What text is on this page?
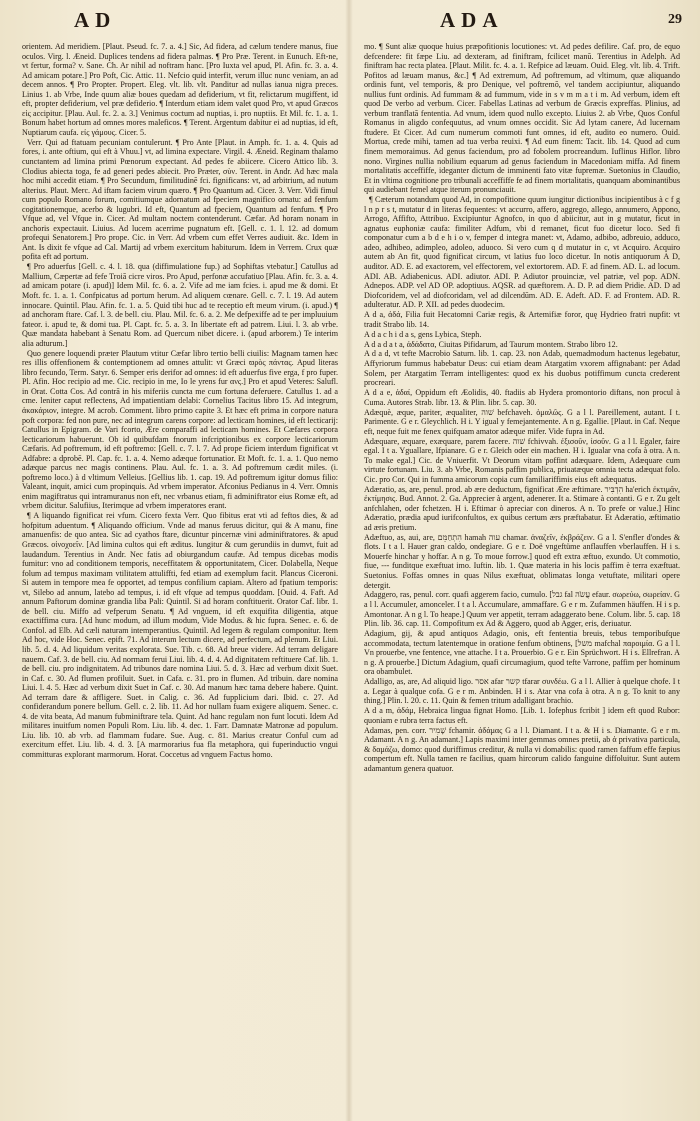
AD	ADA	29

orientem. Ad meridiem. [Plaut. Pseud. fc. 7. a. 4.] Sic, Ad fidera, ad cælum tendere manus, fiue oculos. Virg. l. Æneid. Duplices tendens ad fidera palmas. ¶ Pro Præ. Terent. in Eunuch. Eft-ne, vt fertur, forma? v. Sane. Ch. Ar nihil ad noftram hanc. [Pro Iuxta vel apud, Pl. Afin. fc. 3. a. 4. Ad amicam potare.] Pro Poft, Cic. Attic. 11. Nefcio quid interfit, verum illuc nunc veniam, an ad decem annos. ¶ Pro Propter. Propert. Eleg. vlt. lib. vlt. Panditur ad nullas ianua nigra preces. Linius 1. ab Vrbe, Inde quum aliæ boues quedam ad defiderium, vt fit, relictarum mugiffent, id eft, propter defiderium, vel præ defiderio. ¶ Interdum etiam idem valet quod Pro, vt apud Græcos εἰς accipitur. [Plau. Aul. fc. 2. a. 3.] Venimus coctum ad nuptias, i. pro nuptiis. Et Mil. fc. 1. a. 1. Bonum habet hortum ad omnes mores maleficos. ¶ Terent. Argentum dabitur ei ad nuptias, id eft, Nuptiarum caufa. εἰς γάμους. Cicer. 5.

Verr. Qui ad ftatuam pecuniam contulerunt. ¶ Pro Ante [Plaut. in Amph. fc. 1. a. 4. Quis ad fores, i. ante oftium, qui eft à Vhuu.] vt, ad limina expectare. Virgil. 4. Æneid. Reginam thalamo cunctantem ad limina primi Pœnorum expectant. Ad pedes fe abiicere. Cicero Attico lib. 3. Clodius abiecta toga, fe ad generi pedes abiecit. Pro Præter, σὺν. Terent. in Andr. Ad hæc mala hoc mihi accedit etiam. ¶ Pro Secundum, fimilitudinē fci. fignificans: vt, ad arbitrium, ad nutum alterius. Plaut. Merc. Ad iftam faciem virum quæro. ¶ Pro Quantum ad. Cicer. 3. Verr. Vidi fimul cum populo Romano forum, comitiumque adornatum ad fpeciem magnifico ornatu: ad fenfum cogitationemque, acerbo & lugubri. Id eft, Quantum ad fpeciem, Quantum ad fenfum. ¶ Pro Vfque ad, vel Vfque in. Cicer. Ad multam noctem contenderunt. Cæfar. Ad horam nonam in anchoris expectauit. Liuius. Ad lucem acerrime pugnatum eft. [Gell. c. 1. l. 12. ad domum profequi Senatorem.] Pro prope. Cic. in Verr. Ad vrbem cum effet Verres audiuit. &c. Idem in Ant. Is dixit fe vfque ad Cal. Martij ad vrbem exercitum habiturum. Idem in Verrem. Crux quæ pofita eft ad portum.

¶ Pro aduerfus [Gell. c. 4. l. 18. qua (diffimulatione fup.) ad Sophiftas vtebatur.] Catullus ad Mallium, Cæpertæ ad fefe Troiā cicre viros. Pro Apud, perfonæ accufatiuo [Plau. Afin. fc. 3. a. 4. ad amicam potare (i. apud)] Idem Mil. fc. 6. a. 2. Vife ad me iam fcies. i. apud me & domi. Et Moft. fc. 1. a. 1. Confpicatus ad portum herum. Ad aliquem cœnare. Gell. c. 7. l. 19. Ad autem innocare. Quintil. Plau. Afin. fc. 1. a. 5. Quid tibi huc ad te receptio eft meum virum. (i. apud.) ¶ ad anchoram ftare. Caf. l. 3. de bell. ciu. Plau. Mil. fc. 6. a. 2. Me defpexiffe ad te per impluuium fateor. i. apud te, & domi tua. Pl. Capt. fc. 5. a. 3. In libertate eft ad patrem. Liui. l. 3. ab vrbe. Quæ mandata habebant à Senatu Rom. ad Quercum nibet dicere. i. (apud arborem.) Te interim alia adturum.]

Quo genere loquendi præter Plautum vtitur Cæfar libro tertio belli ciuilis: Magnam tamen hæc res illis offenfionem & contemptionem ad omnes attulit: vt Græci ϖρὸς πάντας. Apud literas libro fecundo, Term. Satyr. 6. Semper eris derifor ad omnes: id eft aduerfus five erga, f pro fuper. Pl. Afin. Hoc recipio ad me. Cic. recipio in me, Io le yrens fur ανς.] Pro et apud Veteres: Salufl. in Orat. Cotta Cos. Ad contrā in his miferiis cuncta me cum fortuna deferuere. Catullus 1. ad a cme. leniter caput reflectens, Ad impatientiam delabi: Cornelius Tacitus libro 15. Ad integrum, ἀκακάριον, integre. M acrob. Comment. libro primo capite 3. Et hæc eft prima in corpore natura poft corpora: fed non pure, nec ad integrum carens corpore: ad lecticam homines, id eft lecticarij: Catullus in Epigram. de Vari fcorto, Ære comparaffi ad lecticam homines. Et Cæfares corpora lecticariorum habuerunt. Ob id quibufdam fnorum infcriptionibus ex corpore lecticariorum Cæfaris. Ad poftremum, id eft poftremo: [Gell. c. 7. l. 7. Ad prope ficiem interdum fignificat vt Adfabre: a dprobē. Pl. Cap. fc. 1. a. 4. Nemo adæque fortunatior. Et Moft. fc. 1. a. 1. Quo nemo adæque parcus nec magis continens. Plau. Aul. fc. 1. a. 3. Ad poftremum cædit miles. (i. poftremo loco.) à d vltimum Velleius. [Gellius lib. 1. cap. 19. Ad poftremum igitur domus filio: Valeant, inquit, amici cum propinquis. Ad vrbem imperator. Afconius Pedianus in 4. Verr. Omnis enim magiftratus qui intramuranus non eft, nec vrbanus etiam, fi adminiftrator eius Romæ eft, ad vrbem dicitur. Salufiius, Iterimque ad vrbem imperatores erant.

¶ A liquando fignificat rei vfum. Cicero fexta Verr. Quo fibitus erat vti ad feftos dies, & ad hofpitum aduentum. ¶ Aliquando officium. Vnde ad manus feruus dicitur, qui & A manu, fine amanuenfis: de quo antea. Sic ad cyathos ftare, dicuntur pincernæ vini adminiftratores. & apud Græcos. οἰνοχοεῖν. [Ad limina cultos qui eft æditus. Iungitur & cum gerundiis in dumvt, fuit ad laudandum. Terentius in Andr. Nec fatis ad obiurgandum caufæ. Ad tempus dicebas modis fumitur: vno ad conditionem temporis, neceffitatem & opportunitatem, Cicer. Dolabella, Neque folum ad tempus maximam vtilitatem attuliffti, fed etiam ad exemplum facit. Plancus Ciceroni. Si autem in tempore mea fe opportet, ad tempus confilium capiam. Altero ad fpatium temporis: vt, Silebo ad annum, latebo ad tempus, i. id eft vfque ad tempus quoddam. [Ouid. 4. Faft. Ad annum Paftorum dominæ grandia liba Pali: Quintil. Si ad horam conftituerit. Orator Caf. libr. 1. de bell. ciu. Miffo ad vefperum Senatu. ¶ Ad vnguem, id eft exquifita diligentia, atque exactiffima cura. [Ad hunc modum, ad illum modum, Vide Modus. & hic fupra. Senec. e. 6. de Confol. ad Elb. Ad cæli naturam intemperantius. Quintil. Ad legem & regulam componitur. Item Ad hoc, vide Hoc. Senec. epift. 71. Ad interum lectum dicere, ad perfectum, ad plenum. Et Liui. lib. 5. d. 4. Ad liquidum veritas explorata. Sue. Tib. c. 68. Ad breue videre. Ad terram deligare nauem. Caf. 3. de bell. ciu. Ad normam ferui Liui. lib. 4. d. 4. Ad dignitatem reftituere Caf. lib. 1. de bell. ciu. pro indignitatem. Ad tribunos dare nomina Liui. 5. d. 3. Hæc ad verbum dixit Suet. in Caf. c. 30. Ad flumen profiluit. Suet. in Cafa. c. 31. pro in flumen. Ad tribuin. dare nomina Liui. l. 4. 5. Hæc ad verbum dixit Suet in Caf. c. 30. Ad manum hæc tama debere habere. Quint. Ad terram dare & affligere. Suet. in Calig. c. 36. Ad fupplicium dari. Ibid. c. 27. Ad confiderandum ponere bellum. Gell. c. 2. lib. 11. Ad hor nullam fuam exigere aliquem. Senec. c. 4. de vita beata, Ad manum fubminiftrare tela. Quint. Ad hanc regulam non funt locuti. Idem Ad militares inuitfum nomen Populi Rom. Liu. lib. 4. dec. 1. Farr. Damnatæ Matronæ ad populum. Liu. lib. 10. ab vrb. ad flammam fudare. Sue. Aug. c. 81. Marius creatur Conful cum ad exercitum effet. Liu. lib. 4. d. 3. [A marmorarius fua fla metaphora, qui fuperinductio vngui committuras explorant marmorum. Horat. Coccetus ad vnguem Factus homo.

mo. ¶ Sunt aliæ quoque huius præpofitionis locutiones: vt. Ad pedes defilire. Caf. pro, de equo defcendere: fit fæpe Liu. ad dexteram, ad finiftram, fcilicet manū. Terentius in Adelph. Ad finiftram hac recta platea. [Plaut. Milit. fc. 4. a. 1. Refpice ad læuam. Ouid. Eleg. vlt. lib. 4. Trift. Pofitos ad læuam manus, &c.] ¶ Ad extremum, Ad poftremum, ad vltimum, quæ aliquando ordinis funt, vel temporis, & pro Denique, vel poftremō, vel tandem accipiuntur, aliquando nullius funt ordinis. Ad fummam & ad fummum, vide in s v m m a t i m. Ad verbum, idem eft quod De verbo ad verbum. Cicer. Fabellas Latinas ad verbum de Græcis expreffas. Plinius, ad verbum tranflatā fententia. Ad vnum, idem quod nullo excepto. Liuius 2. ab Vrbe, Quos Conful Romanus in aligdo confequutus, ad vnum omnes occidit. Sic Ad lytam canere, Ad lucernam ftudere. Et Cicer. Ad cum numerum commoti funt omnes, id eft, audito eo numero. Ouid. Mortua, crede mihi, tamen ad tua verba reuixi. ¶ Ad eum finem: Tacit. lib. 14. Quod ad cum finem memoraimus. Ad genus faciendum, pro ad fobolem procreandum. Iuflinus Hiflor. libro nono. Virgines nullia nobilium equarum ad genus faciendum in Macedoniam miffa. Ad finem mortalitatis acceffiffe, ideganter dictum de imminenti fato vitæ fupremæ. Suetonius in Claudio, Et in vltima cognitione pro tribunali acceffiffe fe ad finem mortalitatis, quanquam abominantibus qui audiebant femel atque iterum pronunciauit.

¶ Cæterum notandum quod Ad, in compofitione quum iungitur dictionibus incipientibus à c f g l n p r s t, mutatur d in literas fequentes: vt accurro, affero, aggrego, allego, annumero, Appono, Arrogo, Affifto, Attribuo. Excipiuntur Agnofco, in quo d abiicitur, aut in g mutatur, ficut in agnatus euphoniæ caufa: fimiliter Adfum, vbi d remanet, ficut fuo dicetur loco. Sed fi componatur cum a b d e h i o v, femper d integra manet: vt, Adamo, adbibo, adbreuio, adduco, adeo, adhibeo, adimpleo, adoleo, aduoco. Si vero cum q d mutatur in c, vt Acquiro. Acquiro autem ab An fit, quod fignificat circum, vt latius fuo loco dicetur. In notis antiquorum A D, auditor. AD. E. ad exactorem, vel effectorem, vel extortorem. AD. F. ad finem. AD. L. ad locum. ADI. AB. Adiabenicus. ADI. adiutor. ADI. P. Adiutor prouinciæ, vel patriæ, vel pop. ADN. Adnepos. ADP. vel AD OP. adoptiuus. AQSR. ad quæftorem. A. D. P. ad diem Pridie. AD. D ad Diofcoridem, vel ad diofcoridam, vel ad dilcendūm. AD. E. Adeft. AD. F. ad Frontem. AD. R. adulteratur. AD. P. XII. ad pedes duodecim.

A d a, ἀδά, Filia fuit Hecatomni Cariæ regis, & Artemifiæ foror, quę Hydrieo fratri nupfit: vt tradit Strabo lib. 14.

A d a c h i d a s, gens Lybica, Steph.

A d a d a t a, ἀδάδατα, Ciuitas Pifidarum, ad Taurum montem. Strabo libro 12.

A d a d, vt tefte Macrobio Saturn. lib. 1. cap. 23. non Adab, quemadmodum hactenus legebatur, Affyriorum fummus habebatur Deus: cui etiam deam Atargatim vxorem affignabant: per Adad Solem, per Atargatim Terram intelligentes: quod ex his duobus potiffimum cuncta crederent procreari.

A d a e, ἀδαί, Oppidum eft Æolidis, 40. ftadiis ab Hydera promontorio diftans, non procul à Cuma. Autores Strab. libr. 13. & Plin. libr. 5. cap. 30.

Adæquè, æque, pariter, æqualiter, שׁוה befchaveh. ὁμαλῶς. G a l l. Pareillement, autant. I t. Parimente. G e r. Gleychlich. H i. Y igual y femejantemente. A n g. Egallie. [Plaut. in Caf. Neque eft, neque fuit me fenex quifquam amator adæque mifer. Vide fupra in Ad.

Adæquare, æquare, exæquare, parem facere. שׁוה fchivvah. ἐξισοῦν, ἰσοῦν. G a l l. Egaler, faire egal. I t a. Yguallare, Ifpianare. G e r. Gleich oder ein machen. H i. Igualar vna cofa à otra. A n. To make egal.] Cic. de Vniuerfit. Vt Deorum vitam poffint adæquare. Idem, Adæquare cum virtute fortunam. Liu. 3. ab Vrbe, Romanis paffim publica, priuatæque omnia tecta adæquat folo. Cic. pro Cor. Qui in fumma amicorum copia cum familiariffimis eius eft adæquatus.

Adæratio, as, are, penul. prod. ab ære deductum, fignificat Ære æftimare. הִדְבִּיר ha'erich ἐκτιμᾶν, ἐκτίμησις. Bud. Annot. 2. Ga. Apprecier à argent, adenerer. It a. Stimare à contanti. G e r. Zu gelt anfchlahen, oder fchetzen. H i. Eftimar ò apreciar con dineros. A n. To prefe or value.] Hinc Adæratio, prædia apud iurifconfultos, ex quibus certum ærs præftabatur. Et Adæratio, æftimatio ad æris pretium.

Adæftuo, as, aui, are, הִתְחַמֵּם hamah עוה chamar. ἀναζεῖν, ἐκβράζειν. G a l. S'enfler d'ondes & flots. I t a l. Hauer gran caldo, ondegiare. G e r. Doë vngeftüme anflauffen vberlauffen. H i s. Mouerfe hinchar y hoffar. A n g. To moue forrow.] quod eft extra æftuo, exundo. Ut commotio, fiue, --- funditque exæftuat imo. Iuftin. lib. 1. Quæ materia in his locis paffim è terra exæftuat. Suetonius. Foffas omnes in quas Nilus exæftuat, oblimatas longa vetuftate, militari opere detergit.

Adaggero, ras, penul. corr. quafi aggerem facio, cumulo. [גבל fal עֲשֹׂה efaur. σωρεύω, σωρείαν. G a l l. Accumuler, amonceler. I t a l. Accumulare, ammaffare. G e r m. Zufammen häuffen. H i s p. Amontonar. A n g l. To heape.] Quum ver appetit, terram adaggerato bene. Colum. libr. 5. cap. 18 Plin. lib. 36. cap. 11. Compofitum ex Ad & Aggero, quod ab Agger, eris, deriuatur.

Adagium, gij, & apud antiquos Adagio, onis, eft fententia breuis, tebus temporibufque accommodata, tectum latentemque in oratione fenfum obtinens, [משל mafchal παροιμία. G a l l. Vn prouerbe, vne fentence, vne attache. I t a. Prouerbio. G e r. Ein Sprüchwort. H i s. Ellrefran. A n g. A prouerbe.] Dictum Adagium, quafi circumagium, quod tefte Varrone, paffim per hominum ora obambulet.

Adalligo, as, are, Ad aliquid ligo. אסר afar קשר tfarar συνδέω. G a l l. Allier à quelque chofe. I t a. Legar à qualque cofa. G e r m. Anbinden. H i s. Atar vna cofa à otra. A n g. To knit to any thing.] Plin. l. 20. c. 11. Quin & femen tritum adalligant brachio.

A d a m, ἀδάμ, Hebraica lingua fignat Homo. [Lib. 1. Iofephus fcribit ] idem eft quod Rubor: quoniam e rubra terra factus eft.

Adamas, pen. corr. שָׁמִיר fchamir. ἀδάμας G a l l. Diamant. I t a. & H i s. Diamante. G e r m. Adamant. A n g. An adamant.] Lapis maximi inter gemmas omnes pretii, ab ἀ privativa particula, & δαμάζω, domo: quod duriffimus creditur, & nulla vi domabilis: quod ramen faffum effe fæpius compertum eft. Nulla tamen re facilius, quam hircorum calido fanguine diffoluitur. Sunt autem adamantum genera quatuor.
